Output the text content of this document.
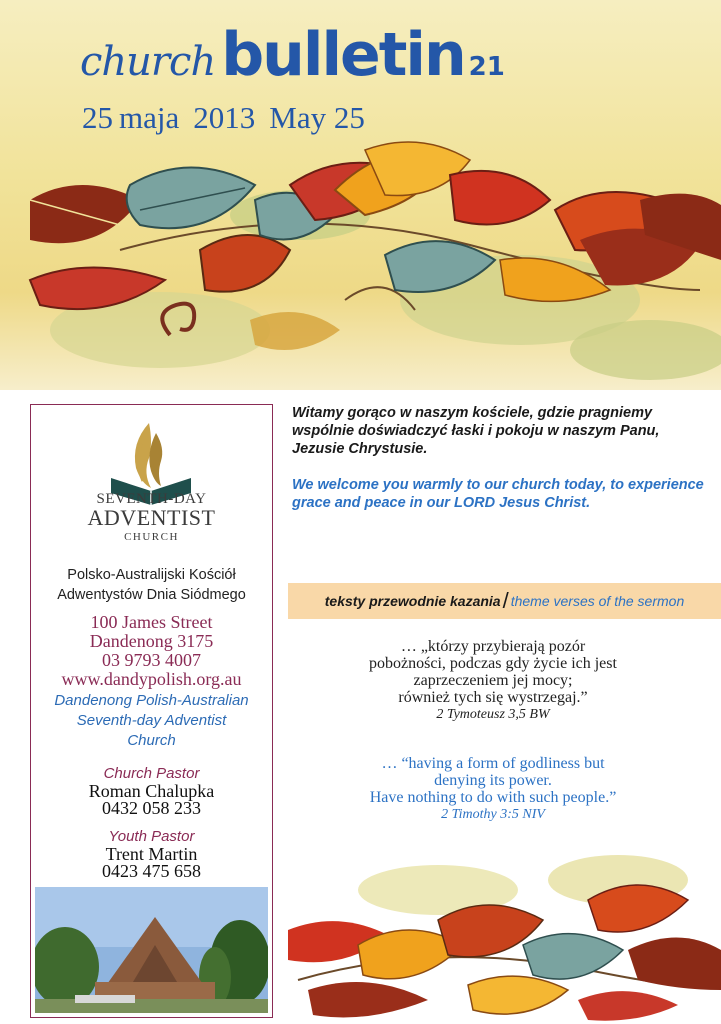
church bulletin 21
25 maja 2013 May 25
SEVENTH-DAY
ADVENTIST
CHURCH
Polsko-Australijski Kościół
Adwentystów Dnia Siódmego
100 James Street
Dandenong 3175
03 9793 4007
www.dandypolish.org.au
Dandenong Polish-Australian
Seventh-day Adventist
Church
Church Pastor
Roman Chalupka
0432 058 233
Youth Pastor
Trent Martin
0423 475 658

Witamy gorąco w naszym kościele, gdzie pragniemy wspólnie doświadczyć łaski i pokoju w naszym Panu, Jezusie Chrystusie.

We welcome you warmly to our church today, to experience grace and peace in our LORD Jesus Christ.

teksty przewodnie kazania/ theme verses of the sermon
… „którzy przybierają pozór
pobożności, podczas gdy życie ich jest
zaprzeczeniem jej mocy;
również tych się wystrzegaj.”
2 Tymoteusz 3,5 BW
… “having a form of godliness but
denying its power.
Have nothing to do with such people.”
2 Timothy 3:5 NIV
